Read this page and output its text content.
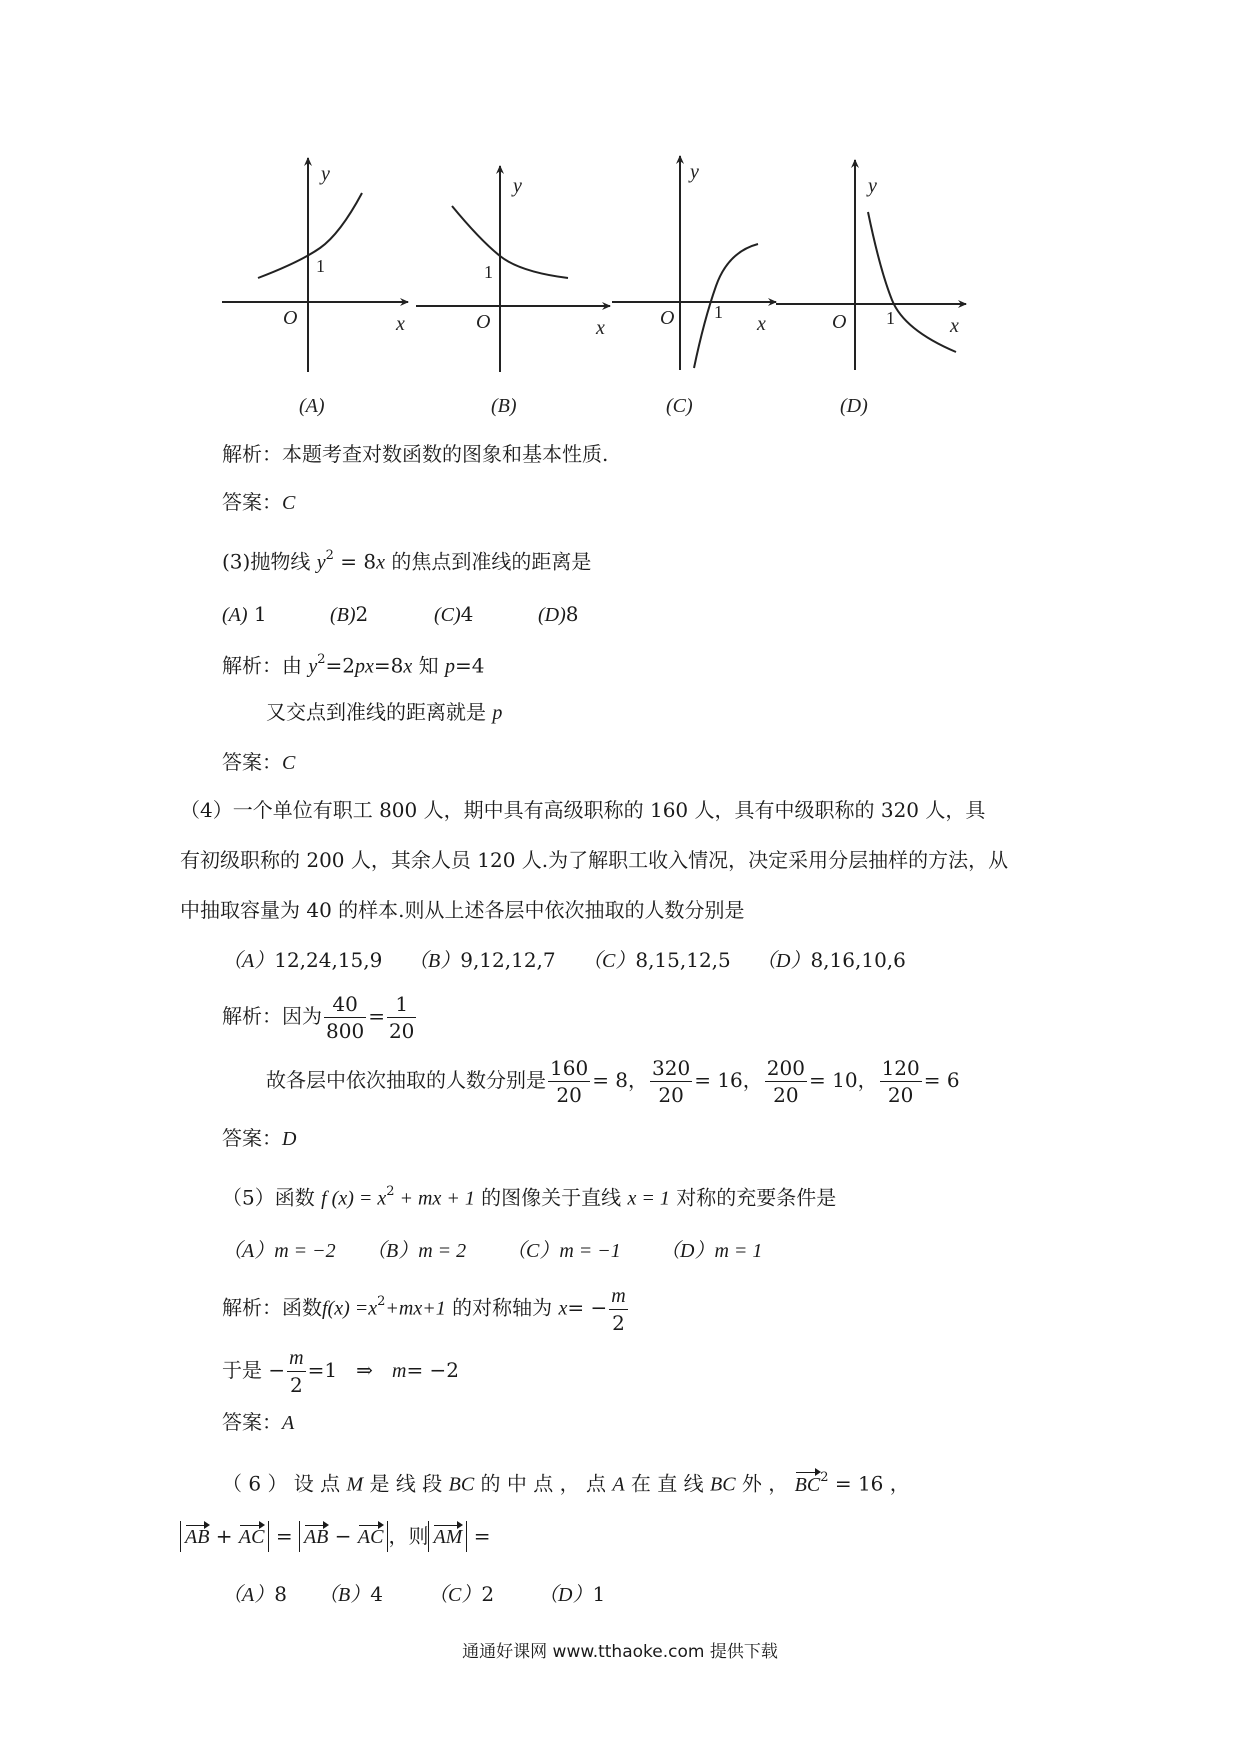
y
x
O
1
(A)
y
x
O
1
(B)
y
x
O 1
(C)
y
x
O 1
(D)
解析：本题考查对数函数的图象和基本性质.
答案：C
(3)抛物线 $y^2 = 8x$ 的焦点到准线的距离是
(A) 1	(B)2	(C)4	(D)8
解析：由 $y^2=2px=8x$ 知 p=4
又交点到准线的距离就是 p
答案：C
（4）一个单位有职工 800 人，期中具有高级职称的 160 人，具有中级职称的 320 人，具
有初级职称的 200 人，其余人员 120 人.为了解职工收入情况，决定采用分层抽样的方法，从
中抽取容量为 40 的样本.则从上述各层中依次抽取的人数分别是
（A）12,24,15,9 （B）9,12,12,7 （C）8,15,12,5 （D）8,16,10,6
解析：因为 $\frac{40}{800} = \frac{1}{20}$
故各层中依次抽取的人数分别是 $\frac{160}{20} = 8$， $\frac{320}{20} = 16$， $\frac{200}{20} = 10$， $\frac{120}{20} = 6$
答案：D
（5）函数 f $(x) = x^2$ + mx + 1 的图像关于直线 x = 1 对称的充要条件是
（A）m = −2 （B）m = 2 （C）m = −1 （D）m = 1
解析：函数$f(x) =x^2+mx+1$ 的对称轴为 $x= - \frac{m}{2}$
于是 − $\frac{m}{2} =1$ ⇒ m= −2
答案：A
（ 6 ） 设 点 M 是 线 段 BC 的 中 点 ， 点 A 在 直 线 BC 外 ， $BC^2 = 16$ ，
AB + AC = AB − AC ，则 AM =
（A）8 （B）4 （C）2 （D）1
通通好课网 www.tthaoke.com 提供下载
